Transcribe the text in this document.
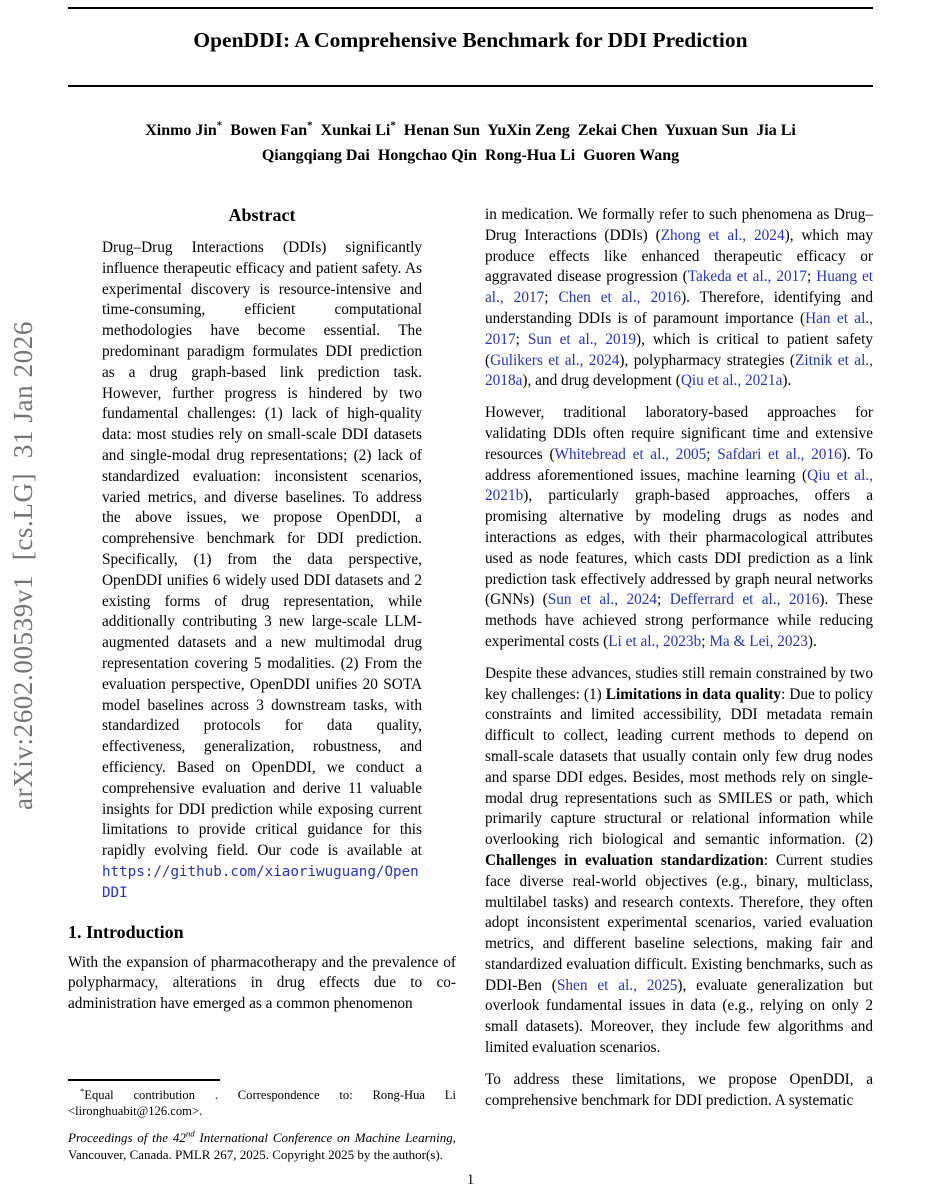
arXiv:2602.00539v1  [cs.LG]  31 Jan 2026
OpenDDI: A Comprehensive Benchmark for DDI Prediction
Xinmo Jin*  Bowen Fan*  Xunkai Li*  Henan Sun  YuXin Zeng  Zekai Chen  Yuxuan Sun  Jia Li
Qiangqiang Dai  Hongchao Qin  Rong-Hua Li  Guoren Wang
Abstract

Drug–Drug Interactions (DDIs) significantly influence therapeutic efficacy and patient safety. As experimental discovery is resource-intensive and time-consuming, efficient computational methodologies have become essential. The predominant paradigm formulates DDI prediction as a drug graph-based link prediction task. However, further progress is hindered by two fundamental challenges: (1) lack of high-quality data: most studies rely on small-scale DDI datasets and single-modal drug representations; (2) lack of standardized evaluation: inconsistent scenarios, varied metrics, and diverse baselines. To address the above issues, we propose OpenDDI, a comprehensive benchmark for DDI prediction. Specifically, (1) from the data perspective, OpenDDI unifies 6 widely used DDI datasets and 2 existing forms of drug representation, while additionally contributing 3 new large-scale LLM-augmented datasets and a new multimodal drug representation covering 5 modalities. (2) From the evaluation perspective, OpenDDI unifies 20 SOTA model baselines across 3 downstream tasks, with standardized protocols for data quality, effectiveness, generalization, robustness, and efficiency. Based on OpenDDI, we conduct a comprehensive evaluation and derive 11 valuable insights for DDI prediction while exposing current limitations to provide critical guidance for this rapidly evolving field. Our code is available at https://github.com/xiaoriwuguang/OpenDDI

1. Introduction

With the expansion of pharmacotherapy and the prevalence of polypharmacy, alterations in drug effects due to co-administration have emerged as a common phenomenon

*Equal contribution . Correspondence to: Rong-Hua Li <lironghuabit@126.com>.

Proceedings of the 42nd International Conference on Machine Learning, Vancouver, Canada. PMLR 267, 2025. Copyright 2025 by the author(s).

in medication. We formally refer to such phenomena as Drug–Drug Interactions (DDIs) (Zhong et al., 2024), which may produce effects like enhanced therapeutic efficacy or aggravated disease progression (Takeda et al., 2017; Huang et al., 2017; Chen et al., 2016). Therefore, identifying and understanding DDIs is of paramount importance (Han et al., 2017; Sun et al., 2019), which is critical to patient safety (Gulikers et al., 2024), polypharmacy strategies (Zitnik et al., 2018a), and drug development (Qiu et al., 2021a).

However, traditional laboratory-based approaches for validating DDIs often require significant time and extensive resources (Whitebread et al., 2005; Safdari et al., 2016). To address aforementioned issues, machine learning (Qiu et al., 2021b), particularly graph-based approaches, offers a promising alternative by modeling drugs as nodes and interactions as edges, with their pharmacological attributes used as node features, which casts DDI prediction as a link prediction task effectively addressed by graph neural networks (GNNs) (Sun et al., 2024; Defferrard et al., 2016). These methods have achieved strong performance while reducing experimental costs (Li et al., 2023b; Ma & Lei, 2023).

Despite these advances, studies still remain constrained by two key challenges: (1) Limitations in data quality: Due to policy constraints and limited accessibility, DDI metadata remain difficult to collect, leading current methods to depend on small-scale datasets that usually contain only few drug nodes and sparse DDI edges. Besides, most methods rely on single-modal drug representations such as SMILES or path, which primarily capture structural or relational information while overlooking rich biological and semantic information. (2) Challenges in evaluation standardization: Current studies face diverse real-world objectives (e.g., binary, multiclass, multilabel tasks) and research contexts. Therefore, they often adopt inconsistent experimental scenarios, varied evaluation metrics, and different baseline selections, making fair and standardized evaluation difficult. Existing benchmarks, such as DDI-Ben (Shen et al., 2025), evaluate generalization but overlook fundamental issues in data (e.g., relying on only 2 small datasets). Moreover, they include few algorithms and limited evaluation scenarios.

To address these limitations, we propose OpenDDI, a comprehensive benchmark for DDI prediction. A systematic

1
